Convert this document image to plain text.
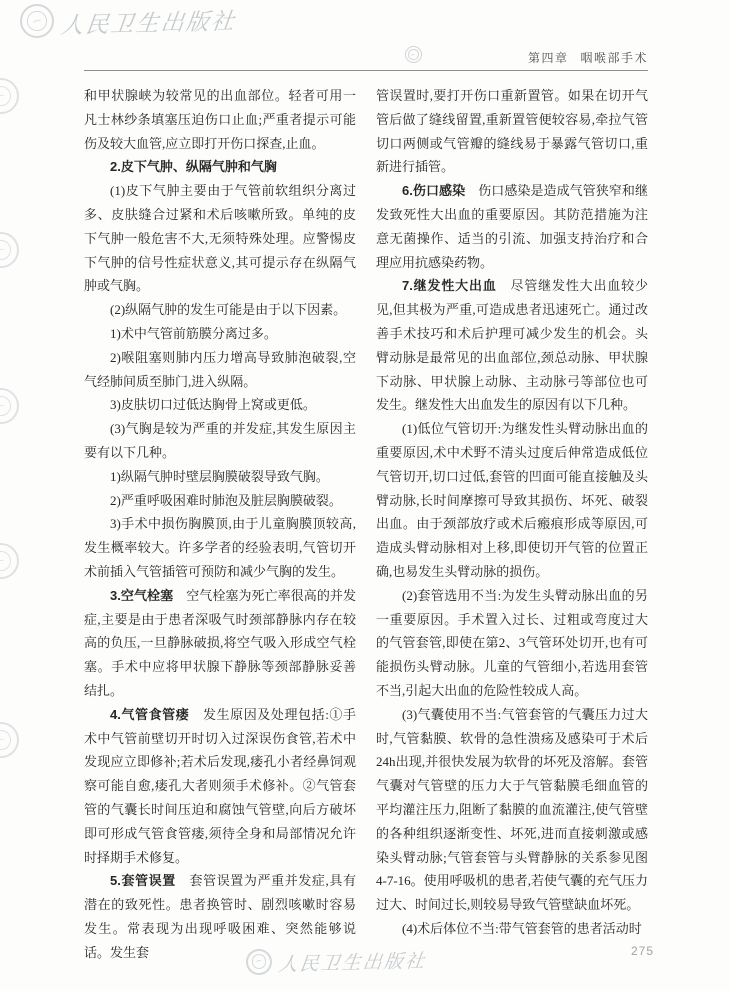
人民卫生出版社
第四章 咽喉部手术

和甲状腺峡为较常见的出血部位。轻者可用一凡士林纱条填塞压迫伤口止血;严重者提示可能伤及较大血管,应立即打开伤口探查,止血。

2.皮下气肿、纵隔气肿和气胸

(1)皮下气肿主要由于气管前软组织分离过多、皮肤缝合过紧和术后咳嗽所致。单纯的皮下气肿一般危害不大,无须特殊处理。应警惕皮下气肿的信号性症状意义,其可提示存在纵隔气肿或气胸。

(2)纵隔气肿的发生可能是由于以下因素。

1)术中气管前筋膜分离过多。

2)喉阻塞则肺内压力增高导致肺泡破裂,空气经肺间质至肺门,进入纵隔。

3)皮肤切口过低达胸骨上窝或更低。

(3)气胸是较为严重的并发症,其发生原因主要有以下几种。

1)纵隔气肿时壁层胸膜破裂导致气胸。

2)严重呼吸困难时肺泡及脏层胸膜破裂。

3)手术中损伤胸膜顶,由于儿童胸膜顶较高,发生概率较大。许多学者的经验表明,气管切开术前插入气管插管可预防和减少气胸的发生。

3.空气栓塞　空气栓塞为死亡率很高的并发症,主要是由于患者深吸气时颈部静脉内存在较高的负压,一旦静脉破损,将空气吸入形成空气栓塞。手术中应将甲状腺下静脉等颈部静脉妥善结扎。

4.气管食管瘘　发生原因及处理包括:①手术中气管前壁切开时切入过深误伤食管,若术中发现应立即修补;若术后发现,瘘孔小者经鼻饲观察可能自愈,瘘孔大者则须手术修补。②气管套管的气囊长时间压迫和腐蚀气管壁,向后方破坏即可形成气管食管瘘,须待全身和局部情况允许时择期手术修复。

5.套管误置　套管误置为严重并发症,具有潜在的致死性。患者换管时、剧烈咳嗽时容易发生。常表现为出现呼吸困难、突然能够说话。发生套

管误置时,要打开伤口重新置管。如果在切开气管后做了缝线留置,重新置管便较容易,牵拉气管切口两侧或气管瓣的缝线易于暴露气管切口,重新进行插管。

6.伤口感染　伤口感染是造成气管狭窄和继发致死性大出血的重要原因。其防范措施为注意无菌操作、适当的引流、加强支持治疗和合理应用抗感染药物。

7.继发性大出血　尽管继发性大出血较少见,但其极为严重,可造成患者迅速死亡。通过改善手术技巧和术后护理可减少发生的机会。头臂动脉是最常见的出血部位,颈总动脉、甲状腺下动脉、甲状腺上动脉、主动脉弓等部位也可发生。继发性大出血发生的原因有以下几种。

(1)低位气管切开:为继发性头臂动脉出血的重要原因,术中术野不清头过度后伸常造成低位气管切开,切口过低,套管的凹面可能直接触及头臂动脉,长时间摩擦可导致其损伤、坏死、破裂出血。由于颈部放疗或术后瘢痕形成等原因,可造成头臂动脉相对上移,即使切开气管的位置正确,也易发生头臂动脉的损伤。

(2)套管选用不当:为发生头臂动脉出血的另一重要原因。手术置入过长、过粗或弯度过大的气管套管,即使在第2、3气管环处切开,也有可能损伤头臂动脉。儿童的气管细小,若选用套管不当,引起大出血的危险性较成人高。

(3)气囊使用不当:气管套管的气囊压力过大时,气管黏膜、软骨的急性溃疡及感染可于术后24h出现,并很快发展为软骨的坏死及溶解。套管气囊对气管壁的压力大于气管黏膜毛细血管的平均灌注压力,阻断了黏膜的血流灌注,使气管壁的各种组织逐渐变性、坏死,进而直接刺激或感染头臂动脉;气管套管与头臂静脉的关系参见图4-7-16。使用呼吸机的患者,若使气囊的充气压力过大、时间过长,则较易导致气管壁缺血坏死。

(4)术后体位不当:带气管套管的患者活动时

人民卫生出版社
275
